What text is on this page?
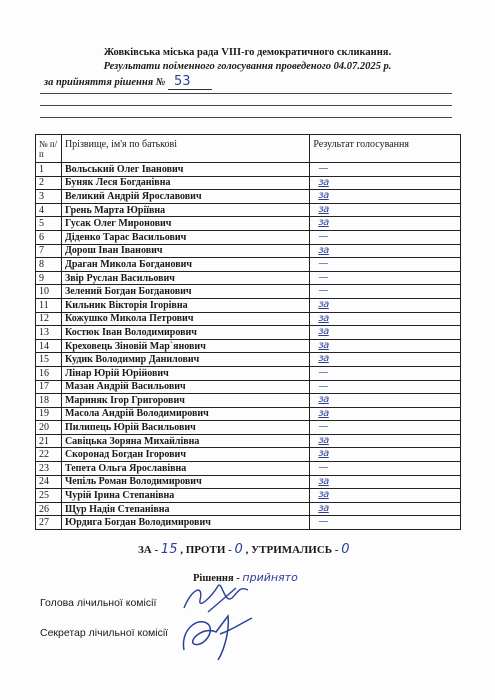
Жовківська міська рада VIII-го демократичного скликання.
Результати поіменного голосування проведеного 04.07.2025 р.
за прийняття рішення № 53
№ п/п	Прізвище, ім'я по батькові	Результат голосування
1	Вольський Олег Іванович	—

2	Буняк Леся Богданівна	за

3	Великий Андрій Ярославович	за

4	Грень Марта Юріївна	за

5	Гусак Олег Миронович	за

6	Діденко Тарас Васильович	—

7	Дорош Іван Іванович	за

8	Драган Микола Богданович	—

9	Звір Руслан Васильович	—

10	Зелений Богдан Богданович	—

11	Кильник Вікторія Ігорівна	за

12	Кожушко Микола Петрович	за

13	Костюк Іван Володимирович	за

14	Креховець Зіновій Мар`янович	за

15	Кудик Володимир Данилович	за

16	Лінар Юрій Юрійович	—

17	Мазан Андрій Васильович	—

18	Мариняк Ігор Григорович	за

19	Масола Андрій Володимирович	за

20	Пилипець Юрій Васильович	—

21	Савіцька Зоряна Михайлівна	за

22	Скоронад Богдан Ігорович	за

23	Тепета Ольга Ярославівна	—

24	Чепіль Роман Володимирович	за

25	Чурій Ірина Степанівна	за

26	Щур Надія Степанівна	за

27	Юрдига Богдан Володимирович	—
ЗА - 15 , ПРОТИ - 0 , УТРИМАЛИСЬ - 0
Рішення - прийнято
Голова лічильної комісії
Секретар лічильної комісії
